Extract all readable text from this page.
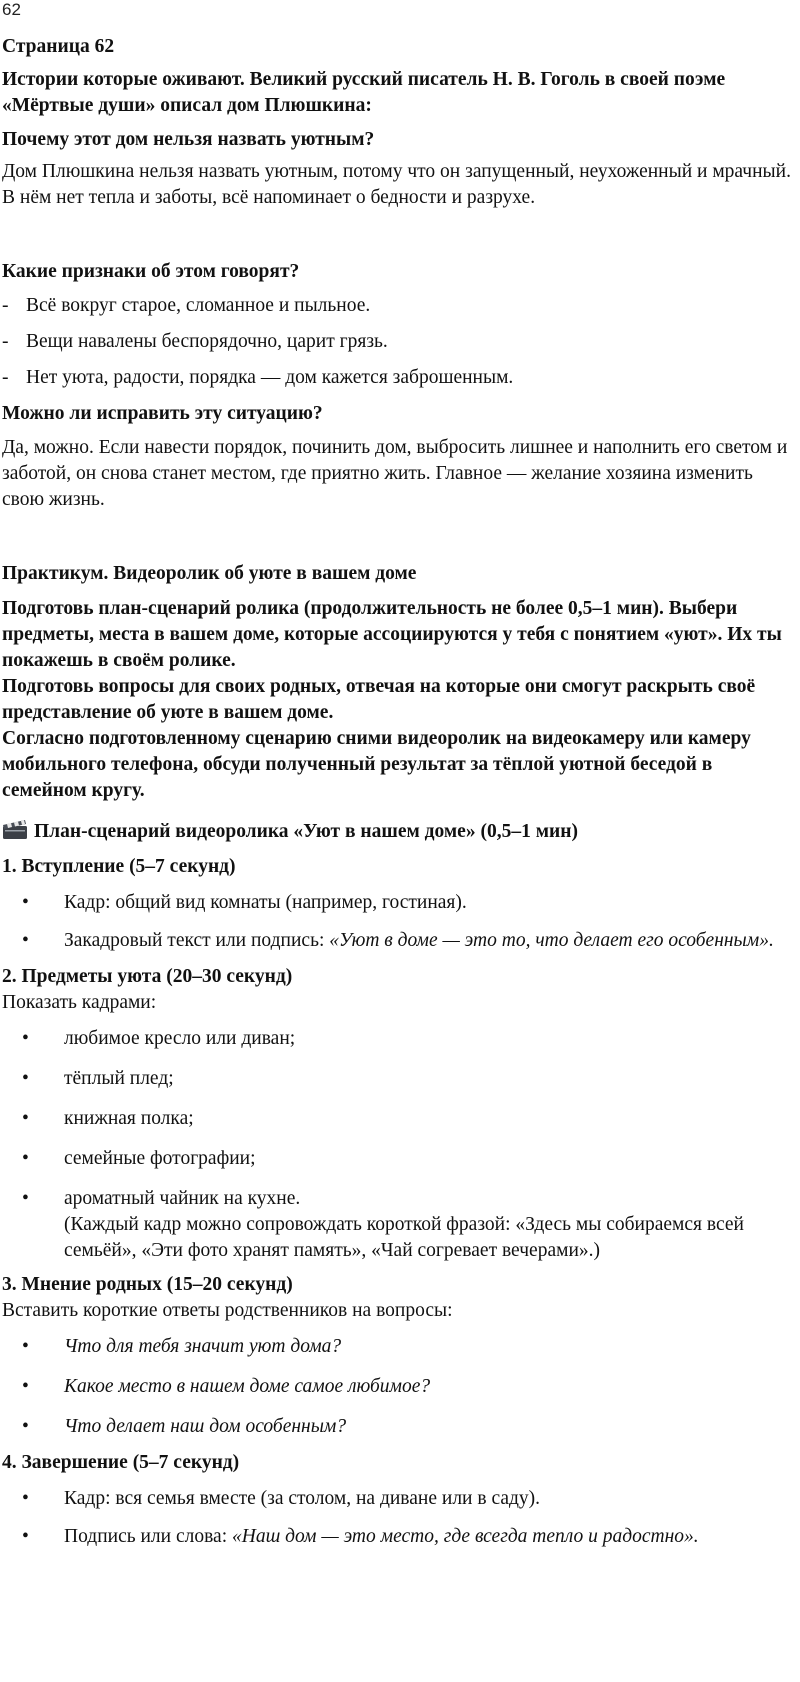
62
Страница 62
Истории которые оживают. Великий русский писатель Н. В. Гоголь в своей поэме «Мёртвые души» описал дом Плюшкина:
Почему этот дом нельзя назвать уютным?
Дом Плюшкина нельзя назвать уютным, потому что он запущенный, неухоженный и мрачный. В нём нет тепла и заботы, всё напоминает о бедности и разрухе.
Какие признаки об этом говорят?
- Всё вокруг старое, сломанное и пыльное.
- Вещи навалены беспорядочно, царит грязь.
- Нет уюта, радости, порядка — дом кажется заброшенным.
Можно ли исправить эту ситуацию?
Да, можно. Если навести порядок, починить дом, выбросить лишнее и наполнить его светом и заботой, он снова станет местом, где приятно жить. Главное — желание хозяина изменить свою жизнь.
Практикум. Видеоролик об уюте в вашем доме
Подготовь план-сценарий ролика (продолжительность не более 0,5–1 мин). Выбери предметы, места в вашем доме, которые ассоциируются у тебя с понятием «уют». Их ты покажешь в своём ролике.
Подготовь вопросы для своих родных, отвечая на которые они смогут раскрыть своё представление об уюте в вашем доме.
Согласно подготовленному сценарию сними видеоролик на видеокамеру или камеру мобильного телефона, обсуди полученный результат за тёплой уютной беседой в семейном кругу.
План-сценарий видеоролика «Уют в нашем доме» (0,5–1 мин)
1. Вступление (5–7 секунд)
• Кадр: общий вид комнаты (например, гостиная).
• Закадровый текст или подпись: «Уют в доме — это то, что делает его особенным».
2. Предметы уюта (20–30 секунд)
Показать кадрами:
• любимое кресло или диван;
• тёплый плед;
• книжная полка;
• семейные фотографии;
• ароматный чайник на кухне.
(Каждый кадр можно сопровождать короткой фразой: «Здесь мы собираемся всей семьёй», «Эти фото хранят память», «Чай согревает вечерами».)
3. Мнение родных (15–20 секунд)
Вставить короткие ответы родственников на вопросы:
• Что для тебя значит уют дома?
• Какое место в нашем доме самое любимое?
• Что делает наш дом особенным?
4. Завершение (5–7 секунд)
• Кадр: вся семья вместе (за столом, на диване или в саду).
• Подпись или слова: «Наш дом — это место, где всегда тепло и радостно».
